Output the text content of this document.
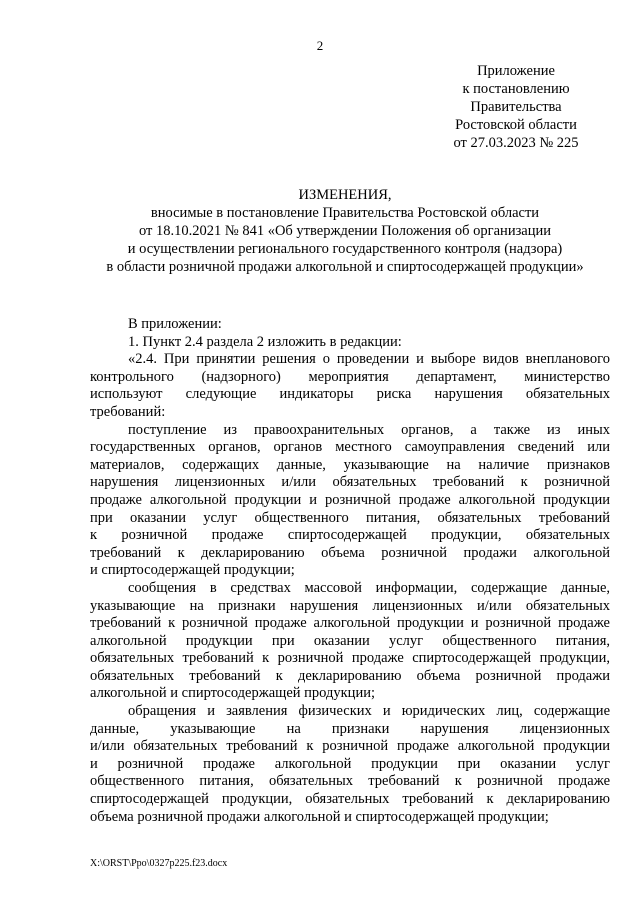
2
Приложение
к постановлению
Правительства
Ростовской области
от 27.03.2023 № 225
ИЗМЕНЕНИЯ,
вносимые в постановление Правительства Ростовской области
от 18.10.2021 № 841 «Об утверждении Положения об организации
и осуществлении регионального государственного контроля (надзора)
в области розничной продажи алкогольной и спиртосодержащей продукции»
В приложении:
1. Пункт 2.4 раздела 2 изложить в редакции:
«2.4. При принятии решения о проведении и выборе видов внепланового
контрольного (надзорного) мероприятия департамент, министерство
используют следующие индикаторы риска нарушения обязательных
требований:
поступление из правоохранительных органов, а также из иных
государственных органов, органов местного самоуправления сведений или
материалов, содержащих данные, указывающие на наличие признаков
нарушения лицензионных и/или обязательных требований к розничной
продаже алкогольной продукции и розничной продаже алкогольной продукции
при оказании услуг общественного питания, обязательных требований
к розничной продаже спиртосодержащей продукции, обязательных
требований к декларированию объема розничной продажи алкогольной
и спиртосодержащей продукции;
сообщения в средствах массовой информации, содержащие данные,
указывающие на признаки нарушения лицензионных и/или обязательных
требований к розничной продаже алкогольной продукции и розничной продаже
алкогольной продукции при оказании услуг общественного питания,
обязательных требований к розничной продаже спиртосодержащей продукции,
обязательных требований к декларированию объема розничной продажи
алкогольной и спиртосодержащей продукции;
обращения и заявления физических и юридических лиц, содержащие
данные, указывающие на признаки нарушения лицензионных
и/или обязательных требований к розничной продаже алкогольной продукции
и розничной продаже алкогольной продукции при оказании услуг
общественного питания, обязательных требований к розничной продаже
спиртосодержащей продукции, обязательных требований к декларированию
объема розничной продажи алкогольной и спиртосодержащей продукции;
X:\ORST\Ppo\0327p225.f23.docx
